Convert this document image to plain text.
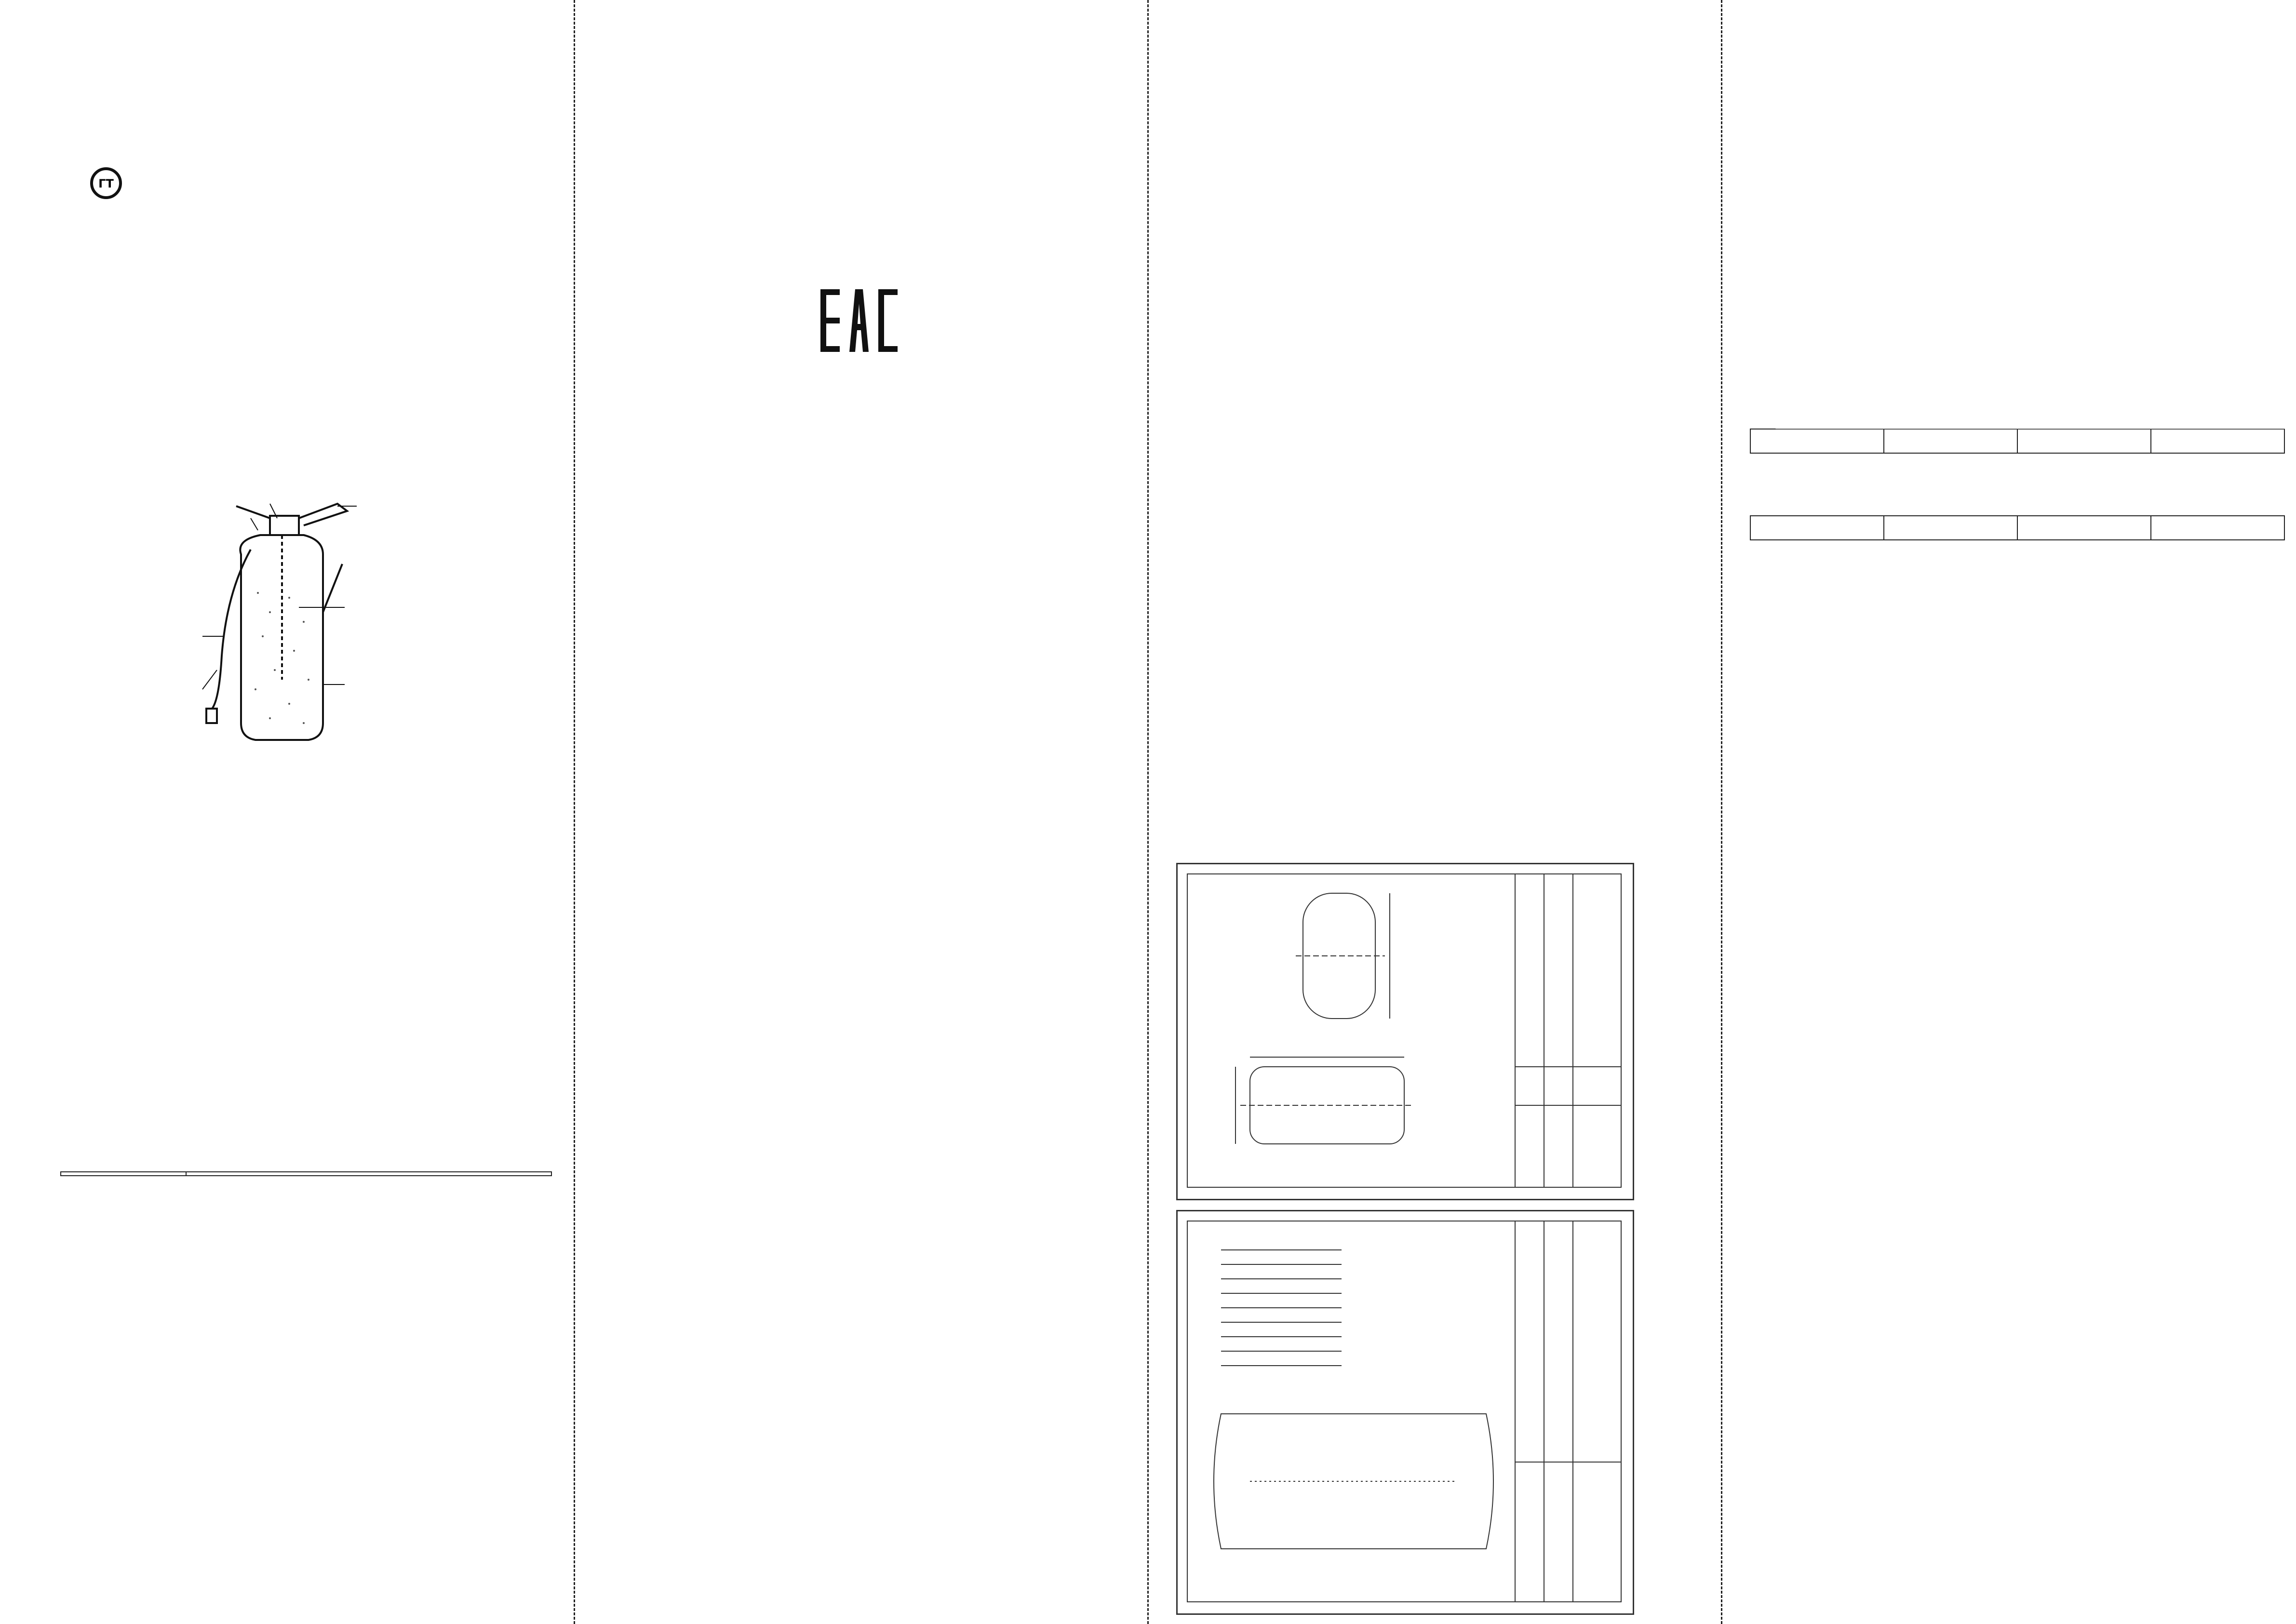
ГТ
